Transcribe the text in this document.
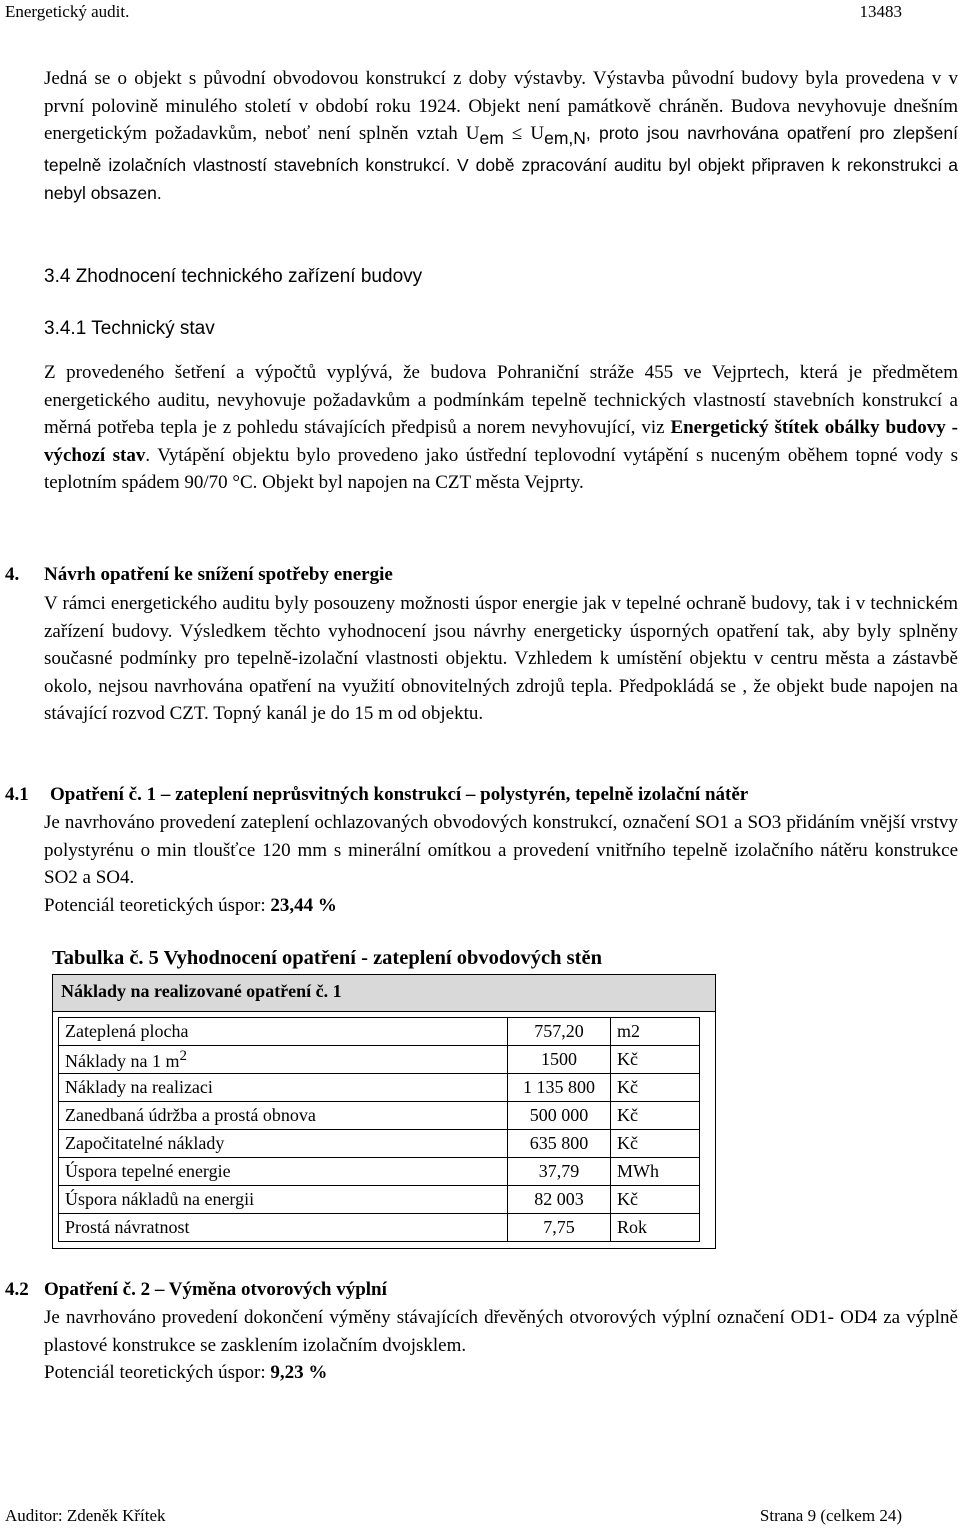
Energetický audit.	13483

Jedná se o objekt s původní obvodovou konstrukcí z doby výstavby. Výstavba původní budovy byla provedena v v první polovině minulého století v období roku 1924. Objekt není památkově chráněn. Budova nevyhovuje dnešním energetickým požadavkům, neboť není splněn vztah $U_{em} \le U_{em,N}$, proto jsou navrhována opatření pro zlepšení tepelně izolačních vlastností stavebních konstrukcí. V době zpracování auditu byl objekt připraven k rekonstrukci a nebyl obsazen.

3.4 Zhodnocení technického zařízení budovy
3.4.1 Technický stav

Z provedeného šetření a výpočtů vyplývá, že budova Pohraniční stráže 455 ve Vejprtech, která je předmětem energetického auditu, nevyhovuje požadavkům a podmínkám tepelně technických vlastností stavebních konstrukcí a měrná potřeba tepla je z pohledu stávajících předpisů a norem nevyhovující, viz Energetický štítek obálky budovy - výchozí stav. Vytápění objektu bylo provedeno jako ústřední teplovodní vytápění s nuceným oběhem topné vody s teplotním spádem 90/70 °C. Objekt byl napojen na CZT města Vejprty.

4. Návrh opatření ke snížení spotřeby energie

V rámci energetického auditu byly posouzeny možnosti úspor energie jak v tepelné ochraně budovy, tak i v technickém zařízení budovy. Výsledkem těchto vyhodnocení jsou návrhy energeticky úsporných opatření tak, aby byly splněny současné podmínky pro tepelně-izolační vlastnosti objektu. Vzhledem k umístění objektu v centru města a zástavbě okolo, nejsou navrhována opatření na využití obnovitelných zdrojů tepla. Předpokládá se , že objekt bude napojen na stávající rozvod CZT. Topný kanál je do 15 m od objektu.

4.1 Opatření č. 1 – zateplení neprůsvitných konstrukcí – polystyrén, tepelně izolační nátěr

Je navrhováno provedení zateplení ochlazovaných obvodových konstrukcí, označení SO1 a SO3 přidáním vnější vrstvy polystyrénu o min tloušťce 120 mm s minerální omítkou a provedení vnitřního tepelně izolačního nátěru konstrukce SO2 a SO4.

Potenciál teoretických úspor: 23,44 %

Tabulka č. 5 Vyhodnocení opatření - zateplení obvodových stěn
Náklady na realizované opatření č. 1
Zateplená plocha	757,20	m2
Náklady na 1 $m^2$	1500	Kč
Náklady na realizaci	1 135 800	Kč
Zanedbaná údržba a prostá obnova	500 000	Kč
Započitatelné náklady	635 800	Kč
Úspora tepelné energie	37,79	MWh
Úspora nákladů na energii	82 003	Kč
Prostá návratnost	7,75	Rok
4.2 Opatření č. 2 – Výměna otvorových výplní

Je navrhováno provedení dokončení výměny stávajících dřevěných otvorových výplní označení OD1- OD4 za výplně plastové konstrukce se zasklením izolačním dvojsklem.

Potenciál teoretických úspor: 9,23 %

Auditor: Zdeněk Křítek	Strana 9 (celkem 24)
